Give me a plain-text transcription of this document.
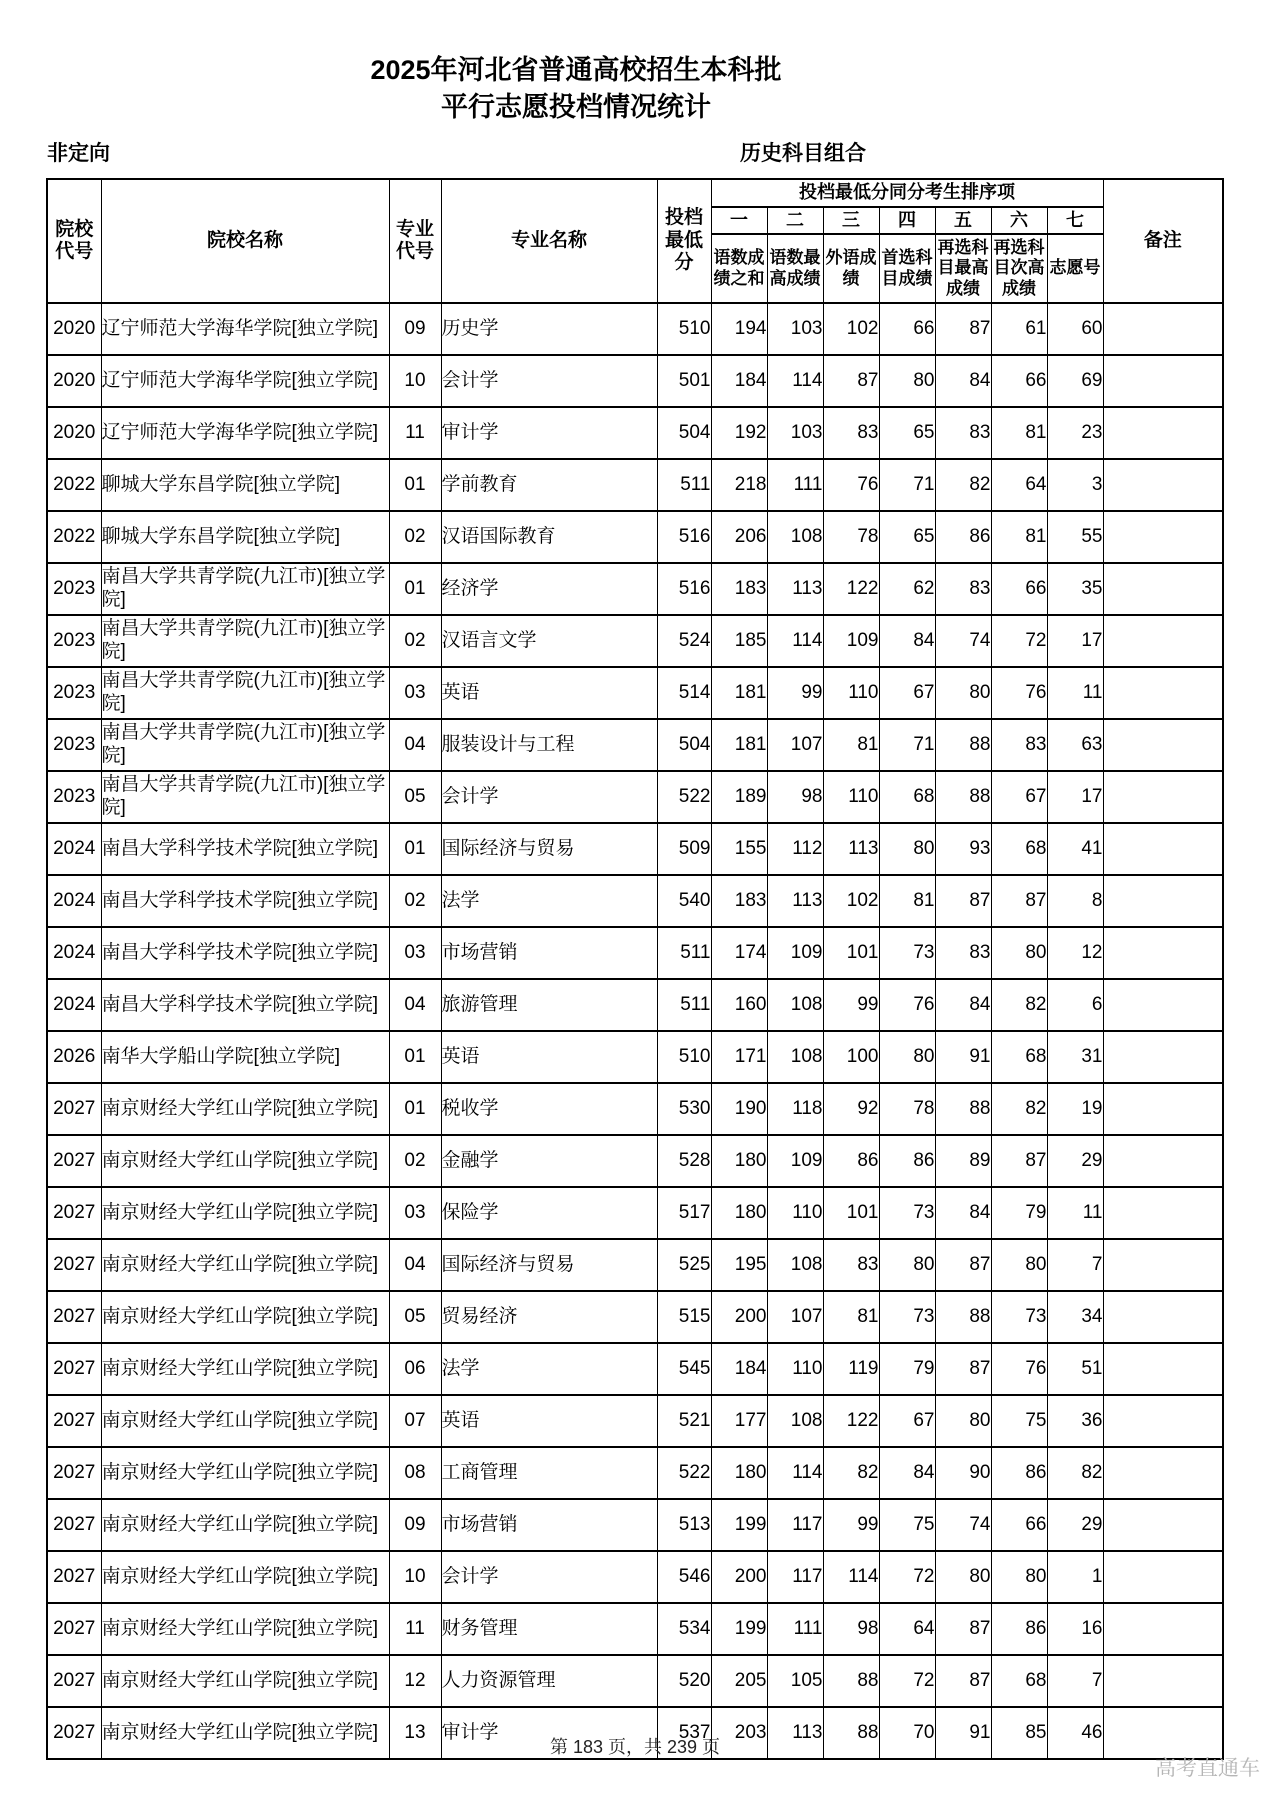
2025年河北省普通高校招生本科批
平行志愿投档情况统计
非定向	历史科目组合
院校代号	院校名称	专业代号	专业名称	投档最低分	投档最低分同分考生排序项							备注
					一	二	三	四	五	六	七	
					语数成绩之和	语数最高成绩	外语成绩	首选科目成绩	再选科目最高成绩	再选科目次高成绩	志愿号	
2020	辽宁师范大学海华学院[独立学院]	09	历史学	510	194	103	102	66	87	61	60	
2020	辽宁师范大学海华学院[独立学院]	10	会计学	501	184	114	87	80	84	66	69	
2020	辽宁师范大学海华学院[独立学院]	11	审计学	504	192	103	83	65	83	81	23	
2022	聊城大学东昌学院[独立学院]	01	学前教育	511	218	111	76	71	82	64	3	
2022	聊城大学东昌学院[独立学院]	02	汉语国际教育	516	206	108	78	65	86	81	55	
2023	南昌大学共青学院(九江市)[独立学院]	01	经济学	516	183	113	122	62	83	66	35	
2023	南昌大学共青学院(九江市)[独立学院]	02	汉语言文学	524	185	114	109	84	74	72	17	
2023	南昌大学共青学院(九江市)[独立学院]	03	英语	514	181	99	110	67	80	76	11	
2023	南昌大学共青学院(九江市)[独立学院]	04	服装设计与工程	504	181	107	81	71	88	83	63	
2023	南昌大学共青学院(九江市)[独立学院]	05	会计学	522	189	98	110	68	88	67	17	
2024	南昌大学科学技术学院[独立学院]	01	国际经济与贸易	509	155	112	113	80	93	68	41	
2024	南昌大学科学技术学院[独立学院]	02	法学	540	183	113	102	81	87	87	8	
2024	南昌大学科学技术学院[独立学院]	03	市场营销	511	174	109	101	73	83	80	12	
2024	南昌大学科学技术学院[独立学院]	04	旅游管理	511	160	108	99	76	84	82	6	
2026	南华大学船山学院[独立学院]	01	英语	510	171	108	100	80	91	68	31	
2027	南京财经大学红山学院[独立学院]	01	税收学	530	190	118	92	78	88	82	19	
2027	南京财经大学红山学院[独立学院]	02	金融学	528	180	109	86	86	89	87	29	
2027	南京财经大学红山学院[独立学院]	03	保险学	517	180	110	101	73	84	79	11	
2027	南京财经大学红山学院[独立学院]	04	国际经济与贸易	525	195	108	83	80	87	80	7	
2027	南京财经大学红山学院[独立学院]	05	贸易经济	515	200	107	81	73	88	73	34	
2027	南京财经大学红山学院[独立学院]	06	法学	545	184	110	119	79	87	76	51	
2027	南京财经大学红山学院[独立学院]	07	英语	521	177	108	122	67	80	75	36	
2027	南京财经大学红山学院[独立学院]	08	工商管理	522	180	114	82	84	90	86	82	
2027	南京财经大学红山学院[独立学院]	09	市场营销	513	199	117	99	75	74	66	29	
2027	南京财经大学红山学院[独立学院]	10	会计学	546	200	117	114	72	80	80	1	
2027	南京财经大学红山学院[独立学院]	11	财务管理	534	199	111	98	64	87	86	16	
2027	南京财经大学红山学院[独立学院]	12	人力资源管理	520	205	105	88	72	87	68	7	
2027	南京财经大学红山学院[独立学院]	13	审计学	537	203	113	88	70	91	85	46	
第 183 页，共 239 页
高考直通车
